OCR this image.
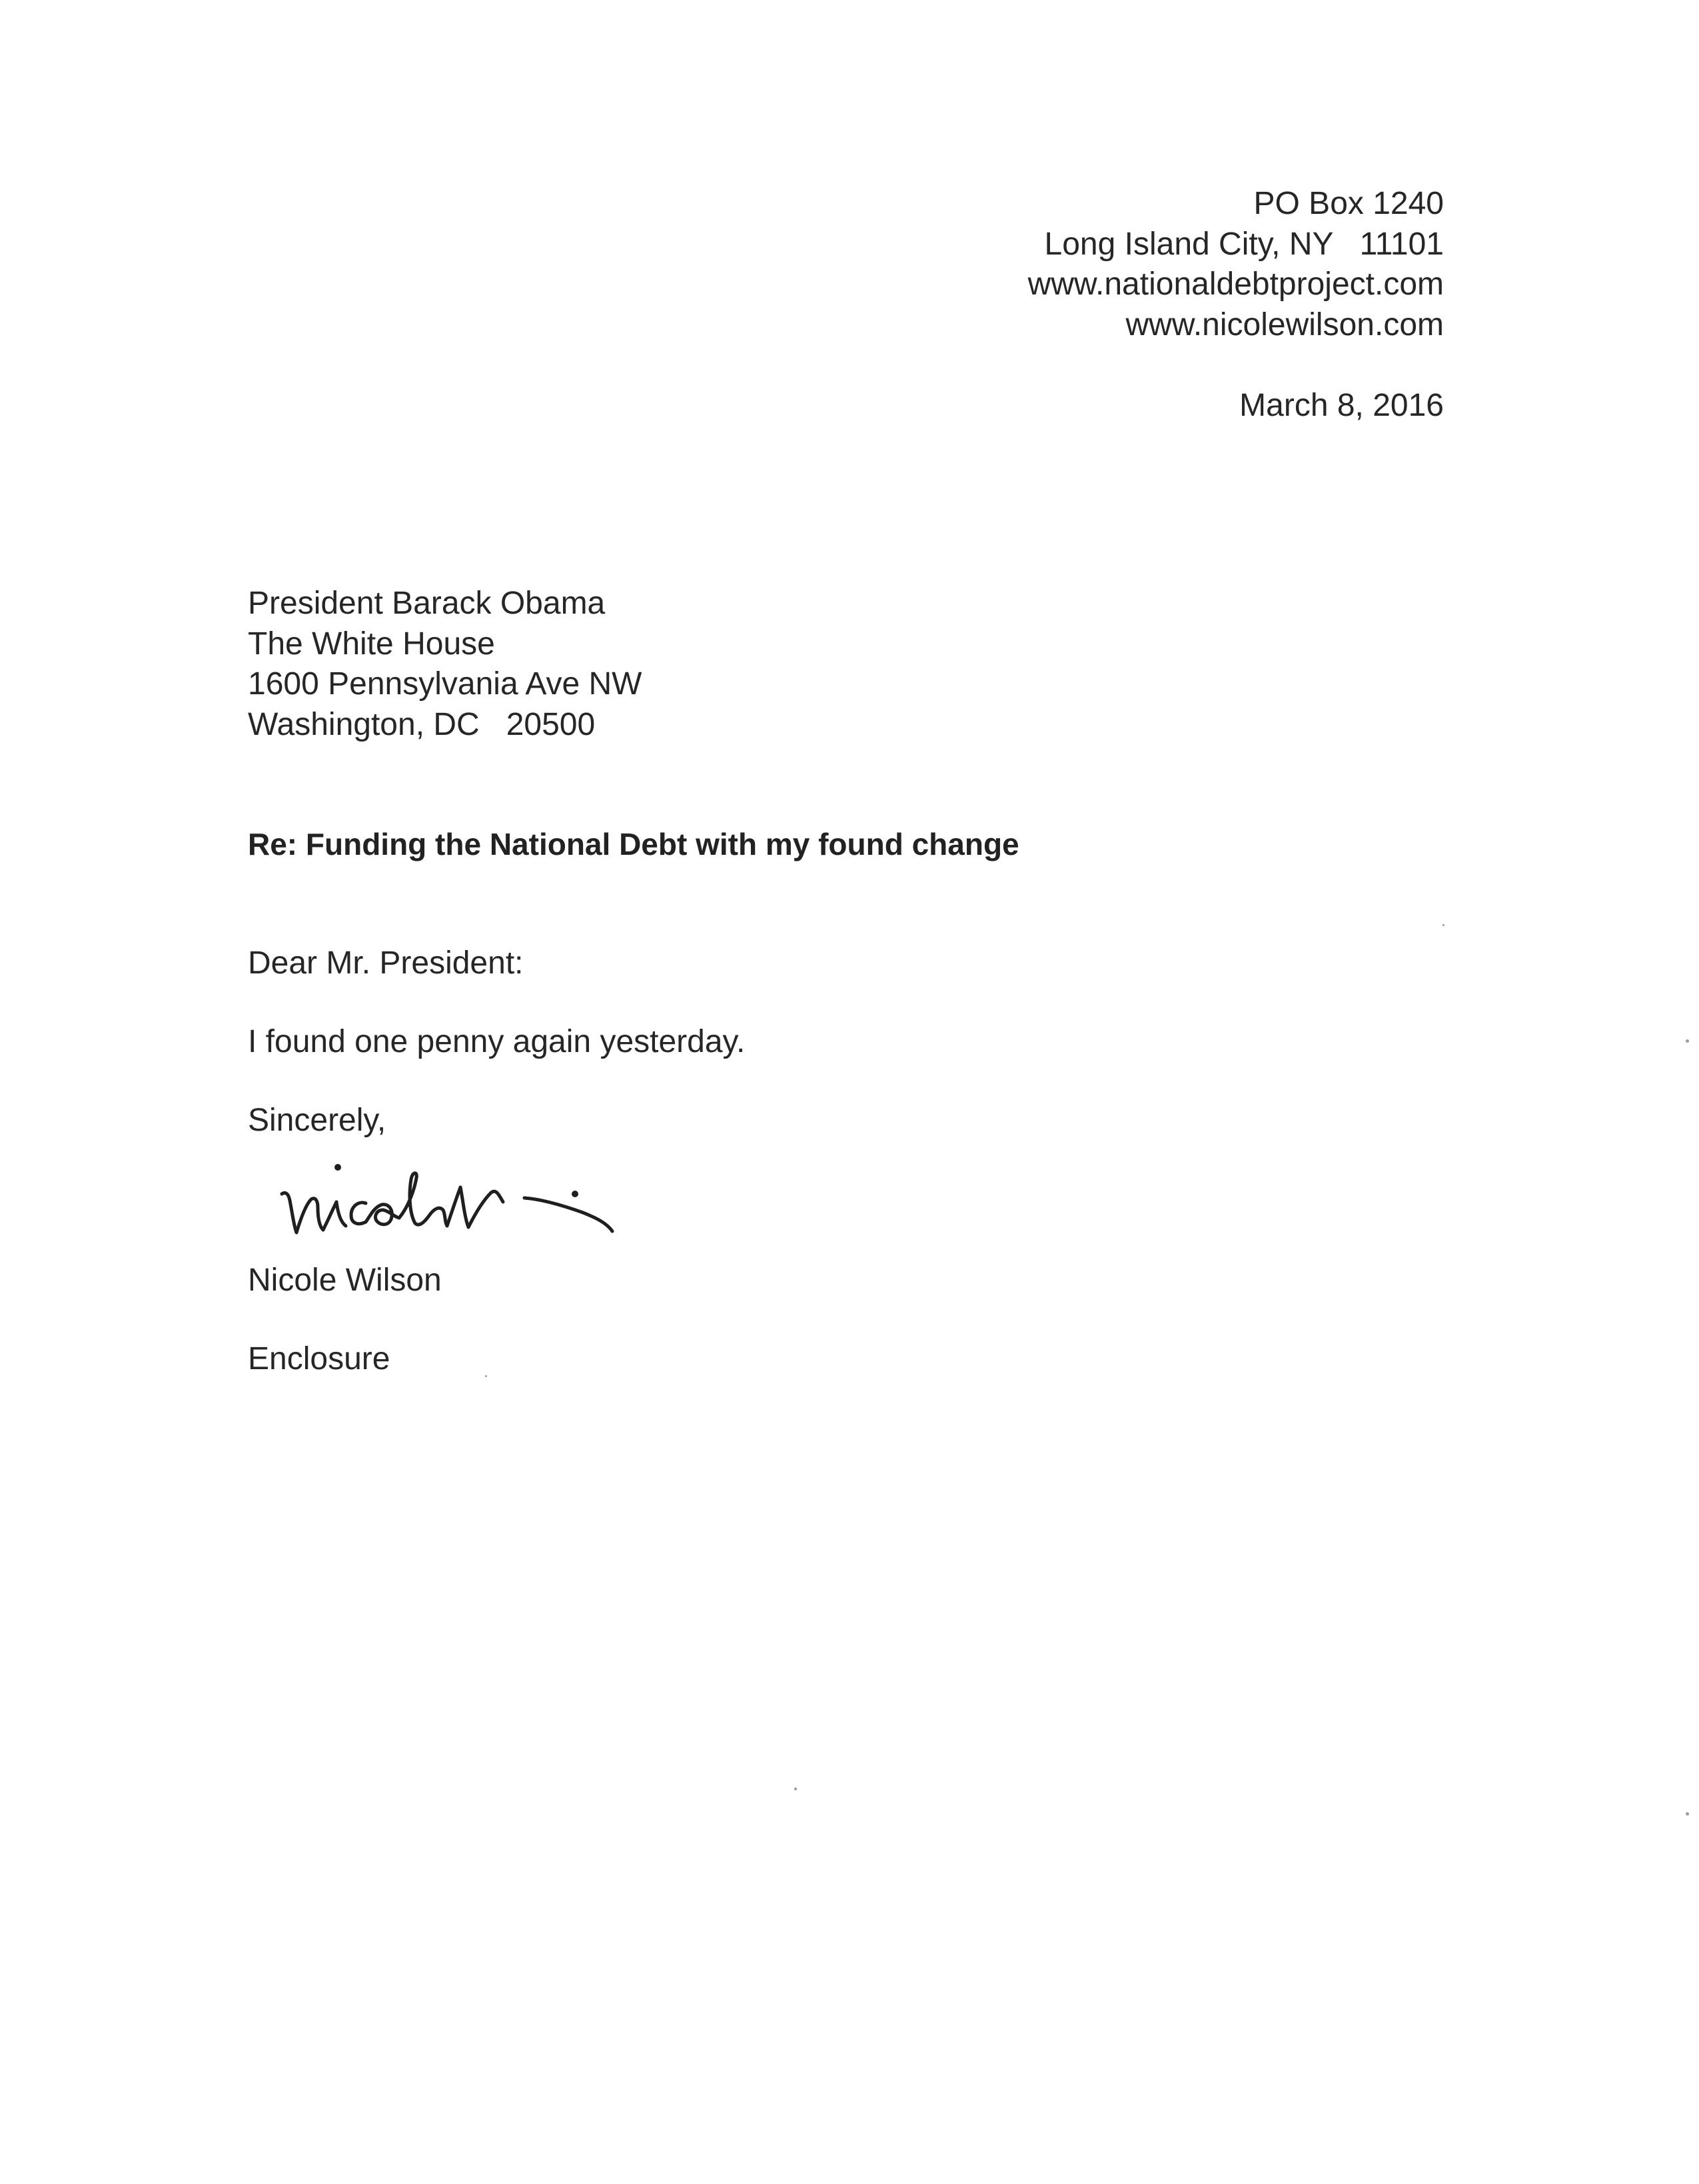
PO Box 1240
Long Island City, NY   11101
www.nationaldebtproject.com
www.nicolewilson.com
March 8, 2016
President Barack Obama
The White House
1600 Pennsylvania Ave NW
Washington, DC   20500
Re: Funding the National Debt with my found change

Dear Mr. President:

I found one penny again yesterday.

Sincerely,

Nicole Wilson

Enclosure
